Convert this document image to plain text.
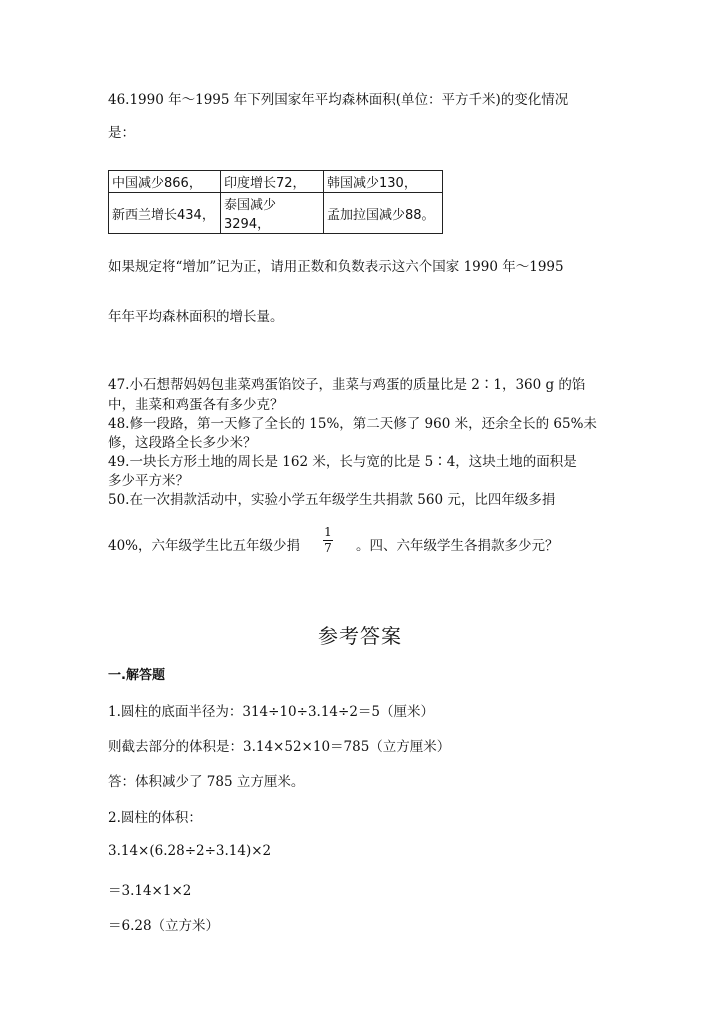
46.1990 年～1995 年下列国家年平均森林面积(单位：平方千米)的变化情况
是：
中国减少866，	印度增长72，	韩国减少130，
新西兰增长434，	泰国减少3294，	孟加拉国减少88。
如果规定将“增加”记为正，请用正数和负数表示这六个国家 1990 年～1995
年年平均森林面积的增长量。
47.小石想帮妈妈包韭菜鸡蛋馅饺子，韭菜与鸡蛋的质量比是 2∶1，360 g 的馅
中，韭菜和鸡蛋各有多少克？
48.修一段路，第一天修了全长的 15%，第二天修了 960 米，还余全长的 65%未
修，这段路全长多少米？
49.一块长方形土地的周长是 162 米，长与宽的比是 5∶4，这块土地的面积是
多少平方米？
50.在一次捐款活动中，实验小学五年级学生共捐款 560 元，比四年级多捐
40%，六年级学生比五年级少捐
1
7 。四、六年级学生各捐款多少元？
参考答案
一.解答题
1.圆柱的底面半径为：314÷10÷3.14÷2＝5（厘米）
则截去部分的体积是：3.14×52×10＝785（立方厘米）
答：体积减少了 785 立方厘米。
2.圆柱的体积：
3.14×(6.28÷2÷3.14)×2
＝3.14×1×2
＝6.28（立方米）
